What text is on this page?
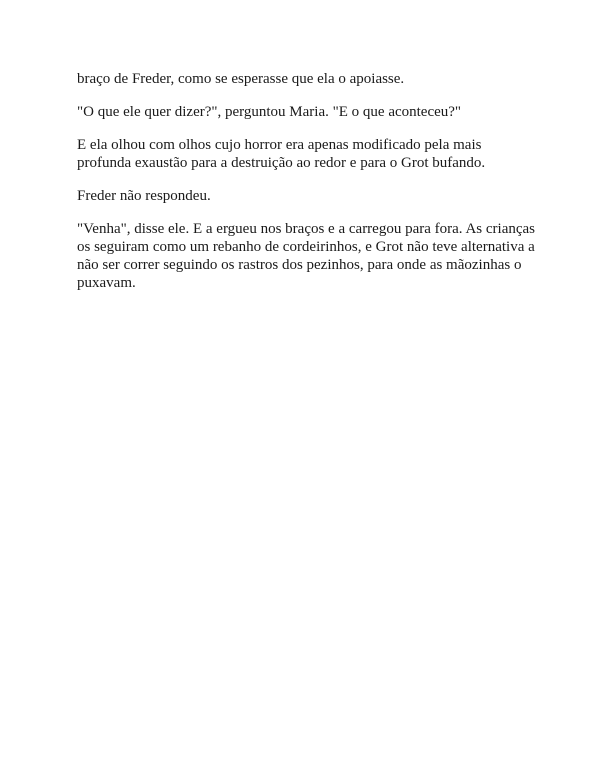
braço de Freder, como se esperasse que ela o apoiasse.

"O que ele quer dizer?", perguntou Maria. "E o que aconteceu?"

E ela olhou com olhos cujo horror era apenas modificado pela mais profunda exaustão para a destruição ao redor e para o Grot bufando.

Freder não respondeu.

"Venha", disse ele. E a ergueu nos braços e a carregou para fora. As crianças os seguiram como um rebanho de cordeirinhos, e Grot não teve alternativa a não ser correr seguindo os rastros dos pezinhos, para onde as mãozinhas o puxavam.
